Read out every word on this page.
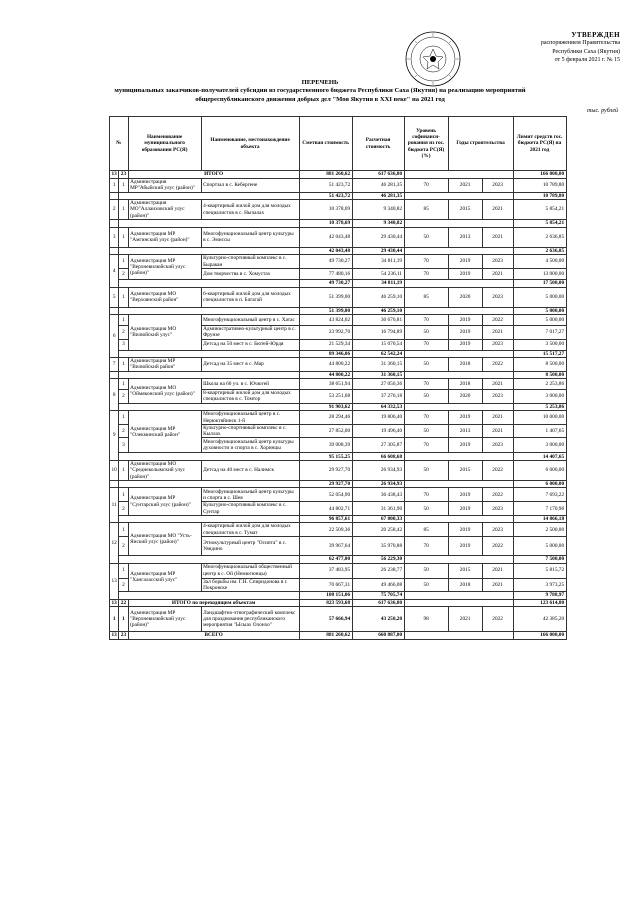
УТВЕРЖДЕН
распоряжением Правительства
Республики Саха (Якутия)
от 5 февраля 2021 г. № 15
ПЕРЕЧЕНЬ
муниципальных заказчиков-получателей субсидии из государственного бюджета Республики Саха (Якутия) на реализацию мероприятий
общереспубликанского движения добрых дел "Моя Якутия в XXI веке" на 2021 год
тыс. рублей
№		Наименование муниципального образования РС(Я)	Наименование, местонахождение объекта	Сметная стоимость	Расчетная стоимость	Уровень софинанси-рования из гос. бюджета РС(Я) (%)	Годы строительства		Лимит средств гос. бюджета РС(Я) на 2021 год
13	23	ИТОГО		881 260,62	617 636,80				166 000,00
1	1	Администрация МР"Абыйский улус (район)"	Спортзал в с. Кебергене	51 423,72	46 281,35	70	2021	2023	10 789,80
				51 423,72	46 281,35				10 789,80
2	1	Администрация МО"Аллаиховский улус (район)"	4-квартирный жилой дом для молодых специалистов в с. Нычалах	10 378,69	9 340,82	85	2015	2021	5 854,21
				10 378,69	9 340,82				5 854,21
3	1	Администрация МР "Амгинский улус (район)"	Многофункциональный центр культуры в с. Эмиссы	42 043,48	29 430,44	50	2013	2021	2 636,85
				42 043,48	29 430,44				2 636,85
4	1	Администрация МР "Верхневилюйский улус (район)"	Культурно-спортивный комплекс в с. Быракан	49 730,27	34 811,19	70	2019	2023	4 500,00
	2		Дом творчества в с. Хомустах	77 480,16	54 236,11	70	2019	2021	13 000,00
				49 730,27	34 811,19				17 500,00
5	1	Администрация МО "Верхоянский район"	6-квартирный жилой дом для молодых специалистов в п. Батагай	51 399,00	46 259,10	85	2020	2023	5 000,00
				51 399,00	46 259,10				5 000,00
6	1	Администрация МО "Вилюйский улус"	Многофункциональный центр в с. Хатас	43 824,02	30 676,81	70	2019	2022	5 000,00
	2		Административно-культурный центр в с. Фрунзе	23 992,70	16 794,89	50	2019	2021	7 017,27
	3		Детсад на 50 мест в с. Бютей-Юрдя	21 529,34	15 070,54	70	2019	2023	3 500,00
				89 346,06	62 542,24				15 517,27
7	1	Администрация МР "Вилюйский район"	Детсад на 35 мест в с. Мар	44 800,22	31 360,15	50	2018	2022	8 500,00
				44 800,22	31 360,15				8 500,00
8	1	Администрация МО "Оймяконский улус (район)"	Школа на 60 уч. в с. Ючюгей	38 651,94	27 056,36	70	2018	2021	2 253,86
	2		8-квартирный жилой дом для молодых специалистов в с. Томтор	53 251,68	37 276,18	50	2020	2023	3 000,00
				91 903,62	64 332,53				5 253,86
9	1	Администрация МР "Олекминский район"	Многофункциональный центр в с. Нерюктяйинск 1-й	28 294,46	19 806,40	70	2019	2021	10 000,00
	2		Культурно-спортивный комплекс в с. Кыллах	27 852,00	19 496,40	50	2013	2021	1 407,65
	3		Многофункциональный центр культуры духовности и спорта в с. Хоринцы	39 008,39	27 305,87	70	2019	2023	3 000,00
				95 155,25	66 608,68				14 407,65
10	1	Администрация МО "Среднеколымский улус (район)"	Детсад на 40 мест в с. Налимск	29 927,70	26 934,93	50	2015	2022	6 000,00
				29 927,70	26 934,93				6 000,00
11	1	Администрация МР "Сунтарский улус (район)"	Многофункциональный центр культуры и спорта в с. Шея	52 054,90	36 438,43	70	2019	2022	7 693,22
	2		Культурно-спортивный комплекс в с. Сунтар	44 802,71	31 361,90	50	2019	2023	7 170,96
				96 857,61	67 800,33				14 866,18
12	1	Администрация МО "Усть-Янский улус (район)"	4-квартирный жилой дом для молодых специалистов в с. Тумат	22 509,36	20 258,42	85	2019	2023	2 500,00
	2		Этнокультурный центр "Осипта" в с. Уяндино	39 967,64	35 970,88	70	2019	2022	5 000,00
				62 477,00	56 229,30				7 500,00
13	1	Администрация МР "Хангаласский улус"	Многофункциональный общественный центр в с. Ой (Немюгюнцы)	37 483,95	26 238,77	50	2015	2021	5 815,72
	2		Зал борьбы им. Г.Н. Спиридонова в г. Покровске	70 667,31	49 466,08	50	2018	2021	3 973,25
				108 151,06	75 705,74				9 788,97
13	22	ИТОГО по переходящим объектам		823 593,68	617 636,80				123 614,80
1	1	Администрация МР "Верхневилюйский улус (район)"	Ландшафтно-этнографический комплекс для празднования республиканского мероприятия "Ысыах Олонхо"	57 666,94	43 250,20	98	2021	2022	42 385,20
13	23	ВСЕГО		881 260,62	660 887,00				166 000,00
